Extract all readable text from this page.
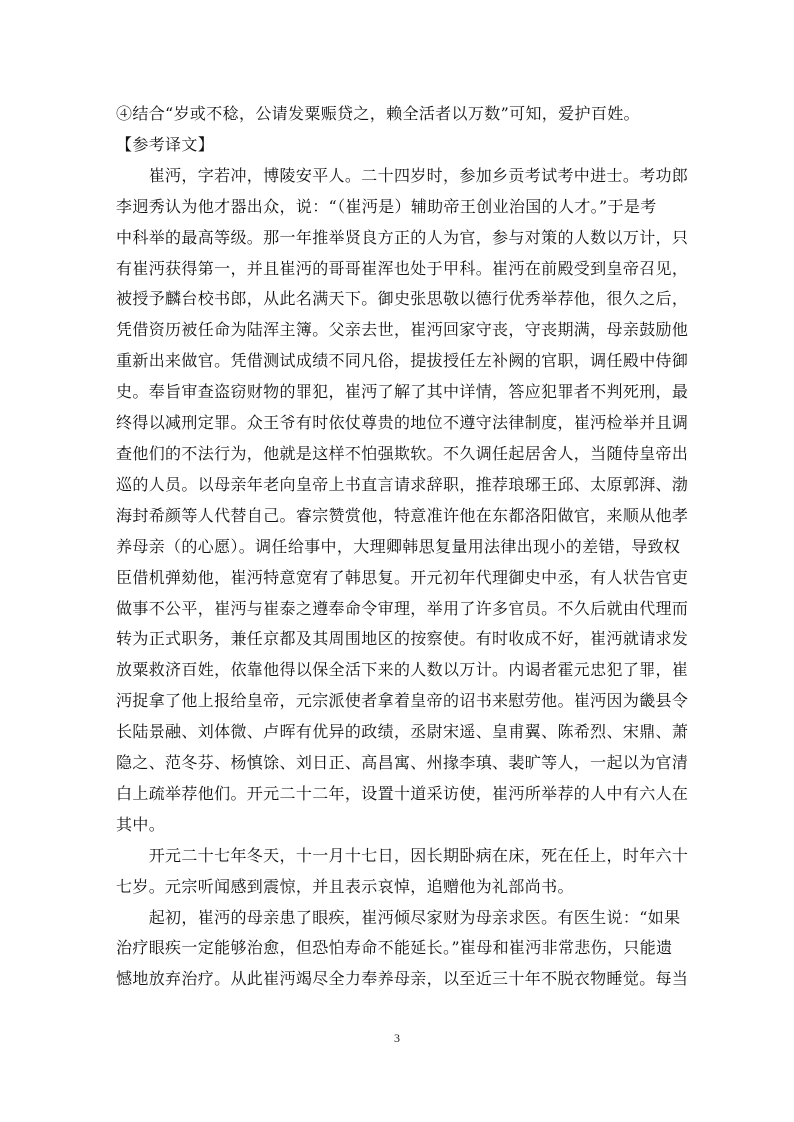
④结合“岁或不稔，公请发粟赈贷之，赖全活者以万数”可知，爱护百姓。
【参考译文】
　　崔沔，字若冲，博陵安平人。二十四岁时，参加乡贡考试考中进士。考功郎
李迥秀认为他才器出众，说：“（崔沔是）辅助帝王创业治国的人才。”于是考
中科举的最高等级。那一年推举贤良方正的人为官，参与对策的人数以万计，只
有崔沔获得第一，并且崔沔的哥哥崔浑也处于甲科。崔沔在前殿受到皇帝召见，
被授予麟台校书郎，从此名满天下。御史张思敬以德行优秀举荐他，很久之后，
凭借资历被任命为陆浑主簿。父亲去世，崔沔回家守丧，守丧期满，母亲鼓励他
重新出来做官。凭借测试成绩不同凡俗，提拔授任左补阙的官职，调任殿中侍御
史。奉旨审查盗窃财物的罪犯，崔沔了解了其中详情，答应犯罪者不判死刑，最
终得以减刑定罪。众王爷有时依仗尊贵的地位不遵守法律制度，崔沔检举并且调
查他们的不法行为，他就是这样不怕强欺软。不久调任起居舍人，当随侍皇帝出
巡的人员。以母亲年老向皇帝上书直言请求辞职，推荐琅琊王邱、太原郭湃、渤
海封希颜等人代替自己。睿宗赞赏他，特意准许他在东都洛阳做官，来顺从他孝
养母亲（的心愿）。调任给事中，大理卿韩思复量用法律出现小的差错，导致权
臣借机弹劾他，崔沔特意宽宥了韩思复。开元初年代理御史中丞，有人状告官吏
做事不公平，崔沔与崔泰之遵奉命令审理，举用了许多官员。不久后就由代理而
转为正式职务，兼任京都及其周围地区的按察使。有时收成不好，崔沔就请求发
放粟救济百姓，依靠他得以保全活下来的人数以万计。内谒者霍元忠犯了罪，崔
沔捉拿了他上报给皇帝，元宗派使者拿着皇帝的诏书来慰劳他。崔沔因为畿县令
长陆景融、刘体微、卢晖有优异的政绩，丞尉宋遥、皇甫翼、陈希烈、宋鼎、萧
隐之、范冬芬、杨慎馀、刘日正、高昌寓、州掾李瑱、裴旷等人，一起以为官清
白上疏举荐他们。开元二十二年，设置十道采访使，崔沔所举荐的人中有六人在
其中。
　　开元二十七年冬天，十一月十七日，因长期卧病在床，死在任上，时年六十
七岁。元宗听闻感到震惊，并且表示哀悼，追赠他为礼部尚书。
　　起初，崔沔的母亲患了眼疾，崔沔倾尽家财为母亲求医。有医生说：“如果
治疗眼疾一定能够治愈，但恐怕寿命不能延长。”崔母和崔沔非常悲伤，只能遗
憾地放弃治疗。从此崔沔竭尽全力奉养母亲，以至近三十年不脱衣物睡觉。每当
3
